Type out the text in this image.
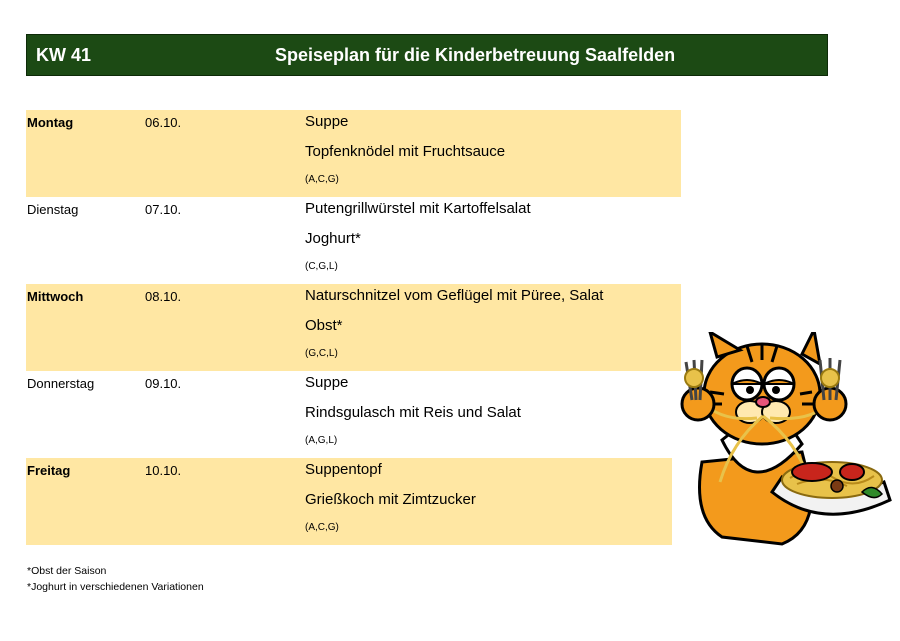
KW 41	Speiseplan für die Kinderbetreuung Saalfelden
Montag	06.10.	Suppe
Topfenknödel mit Fruchtsauce
(A,C,G)
Dienstag	07.10.	Putengrillwürstel mit Kartoffelsalat
Joghurt*
(C,G,L)
Mittwoch	08.10.	Naturschnitzel vom Geflügel mit Püree, Salat
Obst*
(G,C,L)
Donnerstag	09.10.	Suppe
Rindsgulasch mit Reis und Salat
(A,G,L)
Freitag	10.10.	Suppentopf
Grießkoch mit Zimtzucker
(A,C,G)
*Obst der Saison
*Joghurt in verschiedenen Variationen
